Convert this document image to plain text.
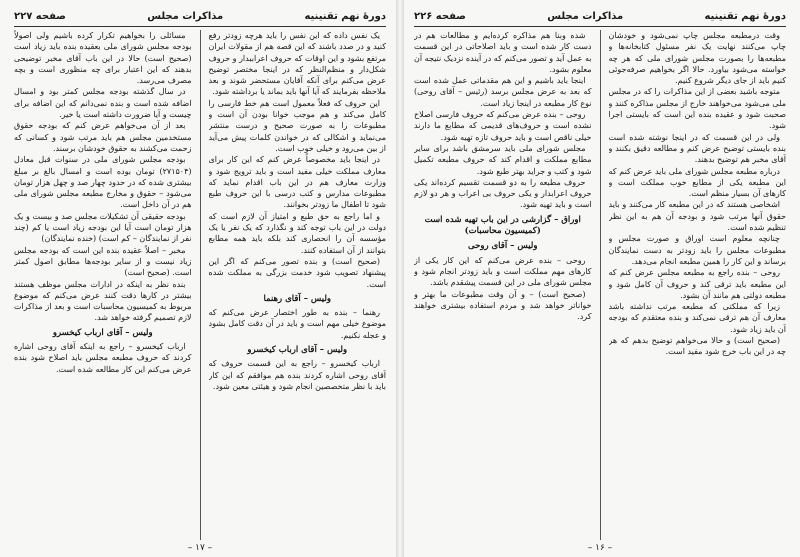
دورهٔ نهم تقنینیه
مذاکرات مجلس
صفحه ۲۲۷

یک نفس داده که این نفس را باید هرچه زودتر رفع کنید و در صدد باشند که این قصه هم از مقولات ایران مرتفع بشود و این اوقات که حروف اعراببدار و حروف شکل‌دار و منظم‌النظر که در اینجا مختصر توضیح عرض می‌کنم برای آنکه آقایان مستحضر شوند و بعد ملاحظه بفرمایند که آیا آنها باید بماند یا برداشته شود.

این حروف که فعلاً معمول است هم خط فارسی را کامل می‌کند و هم موجب خوانا بودن آن است و مطبوعات را به صورت صحیح و درست منتشر می‌نماید و اشکالی که در خواندن کلمات پیش می‌آید از بین می‌رود و خیلی خوب است.

در اینجا باید مخصوصاً عرض کنم که این کار برای معارف مملکت خیلی مفید است و باید ترویج شود و وزارت معارف هم در این باب اقدام نماید که مطبوعات مدارس و کتب درسی با این حروف طبع شود تا اطفال ما زودتر بخوانند.

و اما راجع به حق طبع و امتیاز آن لازم است که دولت در این باب توجه کند و نگذارد که یک نفر یا یک مؤسسه آن را انحصاری کند بلکه باید همه مطابع بتوانند از آن استفاده کنند.

(صحیح است) و بنده تصور می‌کنم که اگر این پیشنهاد تصویب شود خدمت بزرگی به مملکت شده است.

ولیس – آقای رهنما

رهنما – بنده به طور اختصار عرض می‌کنم که موضوع خیلی مهم است و باید در آن دقت کامل بشود و عجله نکنیم.

ولیس – آقای ارباب کیخسرو

ارباب کیخسرو – راجع به این قسمت حروف که آقای روحی اشاره کردند بنده هم موافقم که این کار باید با نظر متخصصین انجام شود و هیئتی معین شود.

مسائلی را بخواهیم تکرار کرده باشیم ولی اصولاً بودجه مجلس شورای ملی بعقیده بنده باید زیاد است (صحیح است) حالا در این باب آقای مخبر توضیحی بدهند که این اعتبار برای چه منظوری است و بچه مصرف می‌رسد.

در سال گذشته بودجه مجلس کمتر بود و امسال اضافه شده است و بنده نمی‌دانم که این اضافه برای چیست و آیا ضرورت داشته است یا خیر.

بعد از آن می‌خواهم عرض کنم که بودجه حقوق مستخدمین مجلس هم باید مرتب شود و کسانی که زحمت می‌کشند به حقوق خودشان برسند.

بودجه مجلس شورای ملی در سنوات قبل معادل (۲۷۱۵۰۴) تومان بوده است و امسال بالغ بر مبلغ بیشتری شده که در حدود چهار صد و چهل هزار تومان می‌شود – حقوق و مخارج مطبعه مجلس شورای ملی هم در آن داخل است.

بودجه حقیقی آن تشکیلات مجلس صد و بیست و یک هزار تومان است آیا این بودجه زیاد است یا کم (چند نفر از نمایندگان – کم است) (خنده نمایندگان)

مخبر – اصلاً عقیده بنده این است که بودجه مجلس زیاد نیست و از سایر بودجه‌ها مطابق اصول کمتر است. (صحیح است)

بنده نظر به اینکه در ادارات مجلس موظف هستند بیشتر در کارها دقت کنند عرض می‌کنم که موضوع مربوط به کمیسیون محاسبات است و بعد از مذاکرات لازم تصمیم گرفته خواهد شد.

ولیس – آقای ارباب کیخسرو

ارباب کیخسرو – راجع به اینکه آقای روحی اشاره کردند که حروف مطبعه مجلس باید اصلاح شود بنده عرض می‌کنم این کار مطالعه شده است.

– ۱۷ –
دورهٔ نهم تقنینیه
مذاکرات مجلس
صفحه ۲۲۶

وقت درمطبعه مجلس چاپ نمی‌شود و خودشان چاپ می‌کنند نهایت یک نفر مسئول کتابخانه‌ها و مطبعه‌ها را بصورت مجلس شورای ملی که هر چه خواسته می‌شود بیاورد. حالا اگر بخواهیم صرفه‌جوئی کنیم باید از جای دیگر شروع کنیم.

متوجه باشید بعضی از این مذاکرات را که در مجلس ملی می‌شود می‌خواهند خارج از مجلس مذاکره کنند و صحبت شود و عقیده بنده این است که بایستی اجرا شود.

ولی در این قسمت که در اینجا نوشته شده است بنده بایستی توضیح عرض کنم و مطالعه دقیق بکنند و آقای مخبر هم توضیح بدهند.

درباره مطبعه مجلس شورای ملی باید عرض کنم که این مطبعه یکی از مطابع خوب مملکت است و کارهای آن بسیار منظم است.

اشخاصی هستند که در این مطبعه کار می‌کنند و باید حقوق آنها مرتب شود و بودجه آن هم به این نظر تنظیم شده است.

چنانچه معلوم است اوراق و صورت مجلس و مطبوعات مجلس را باید زودتر به دست نمایندگان برساند و این کار را همین مطبعه انجام می‌دهد.

روحی – بنده راجع به مطبعه مجلس عرض کنم که این مطبعه باید ترقی کند و حروف آن کامل شود و مطبعه دولتی هم مانند آن بشود.

زیرا که مملکتی که مطبعه مرتب نداشته باشد معارف آن هم ترقی نمی‌کند و بنده معتقدم که بودجه آن باید زیاد شود.

(صحیح است) و حالا می‌خواهم توضیح بدهم که هر چه در این باب خرج شود مفید است.

شده وبنا هم مذاکره کرده‌ایم و مطالعات هم در دست کار شده است و باید اصلاحاتی در این قسمت به عمل آید و تصور می‌کنم که در آینده نزدیک نتیجه آن معلوم بشود.

اینجا باید باشیم و این هم مقدماتی عمل شده است که بعد به عرض مجلس برسد (رئیس – آقای روحی) نوع کار مطبعه در اینجا زیاد است.

روحی – بنده عرض می‌کنم که حروف فارسی اصلاح نشده است و حروف‌های قدیمی که مطابع ما دارند خیلی ناقص است و باید حروف تازه تهیه شود.

مجلس شورای ملی باید سرمشق باشد برای سایر مطابع مملکت و اقدام کند که حروف مطبعه تکمیل شود و کتب و جراید بهتر طبع شود.

حروف مطبعه را به دو قسمت تقسیم کرده‌اند یکی حروف اعرابدار و یکی حروف بی اعراب و هر دو لازم است و باید تهیه شود.

اوراق – گزارشی در این باب تهیه شده است (کمیسیون محاسبات)
ولیس – آقای روحی

روحی – بنده عرض می‌کنم که این کار یکی از کارهای مهم مملکت است و باید زودتر انجام شود و مجلس شورای ملی در این قسمت پیشقدم باشد.

(صحیح است) – و آن وقت مطبوعات ما بهتر و خواناتر خواهد شد و مردم استفاده بیشتری خواهند کرد.

– ۱۶ –
